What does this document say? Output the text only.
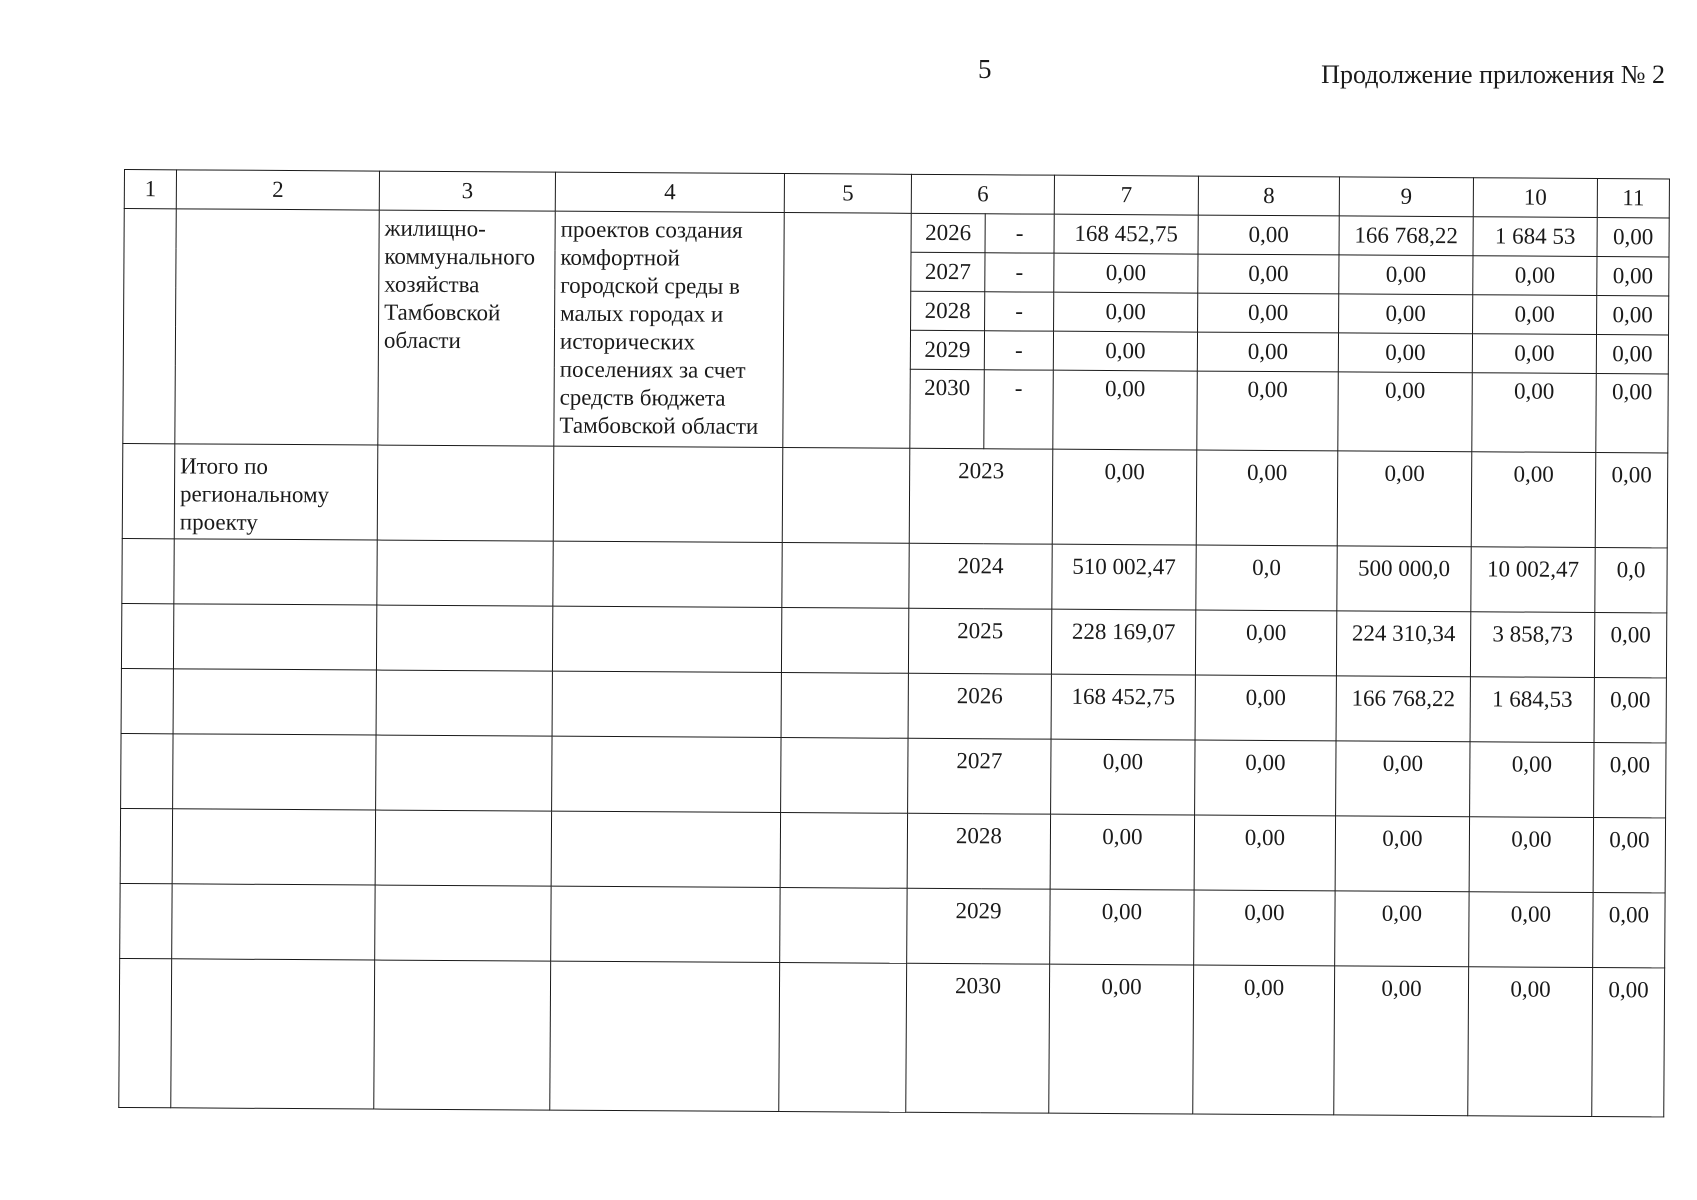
5	Продолжение приложения № 2
1	2	3	4	5	6		7	8	9	10	11
		жилищно-коммунального хозяйства Тамбовской области	проектов создания комфортной городской среды в малых городах и исторических поселениях за счет средств бюджета Тамбовской области		2026	-	168 452,75	0,00	166 768,22	1 684 53	0,00
					2027	-	0,00	0,00	0,00	0,00	0,00
					2028	-	0,00	0,00	0,00	0,00	0,00
					2029	-	0,00	0,00	0,00	0,00	0,00
					2030	-	0,00	0,00	0,00	0,00	0,00
	Итого по региональному проекту				2023		0,00	0,00	0,00	0,00	0,00
					2024		510 002,47	0,0	500 000,0	10 002,47	0,0
					2025		228 169,07	0,00	224 310,34	3 858,73	0,00
					2026		168 452,75	0,00	166 768,22	1 684,53	0,00
					2027		0,00	0,00	0,00	0,00	0,00
					2028		0,00	0,00	0,00	0,00	0,00
					2029		0,00	0,00	0,00	0,00	0,00
					2030		0,00	0,00	0,00	0,00	0,00
